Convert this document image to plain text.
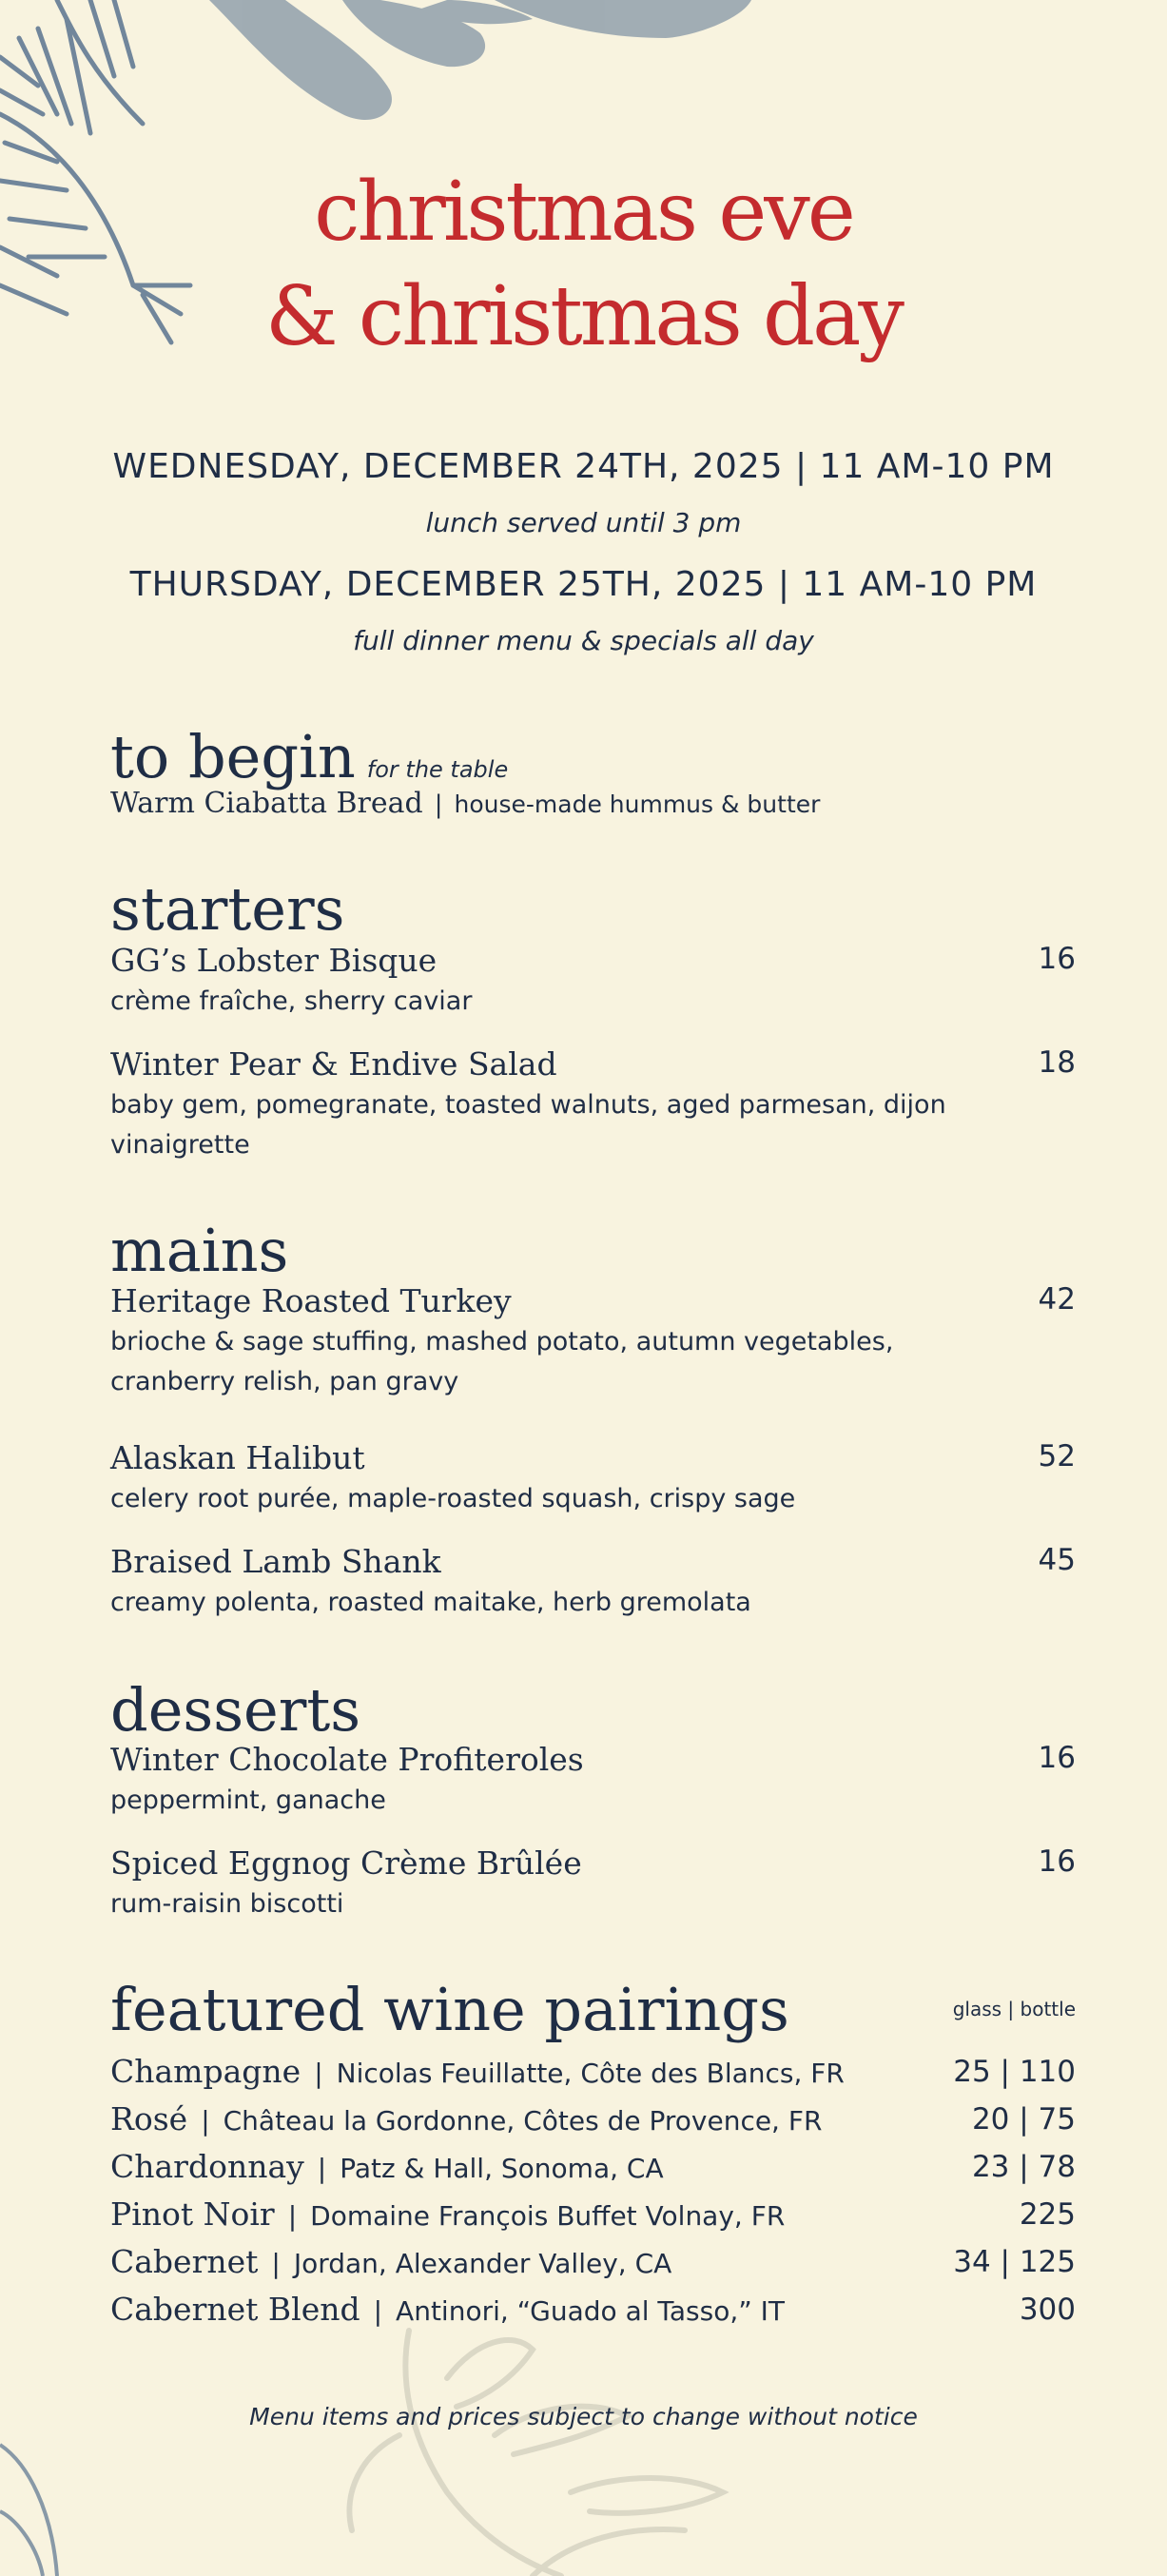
christmas eve
& christmas day
WEDNESDAY, DECEMBER 24TH, 2025 | 11 AM-10 PM
lunch served until 3 pm
THURSDAY, DECEMBER 25TH, 2025 | 11 AM-10 PM
full dinner menu & specials all day
to begin for the table
Warm Ciabatta Bread | house-made hummus & butter
starters
GG’s Lobster Bisque	16
crème fraîche, sherry caviar
Winter Pear & Endive Salad	18
baby gem, pomegranate, toasted walnuts, aged parmesan, dijon vinaigrette
mains
Heritage Roasted Turkey	42
brioche & sage stuffing, mashed potato, autumn vegetables, cranberry relish, pan gravy
Alaskan Halibut	52
celery root purée, maple-roasted squash, crispy sage
Braised Lamb Shank	45
creamy polenta, roasted maitake, herb gremolata
desserts
Winter Chocolate Profiteroles	16
peppermint, ganache
Spiced Eggnog Crème Brûlée	16
rum-raisin biscotti
featured wine pairings	glass | bottle
Champagne | Nicolas Feuillatte, Côte des Blancs, FR	25 | 110
Rosé | Château la Gordonne, Côtes de Provence, FR	20 | 75
Chardonnay | Patz & Hall, Sonoma, CA	23 | 78
Pinot Noir | Domaine François Buffet Volnay, FR	225
Cabernet | Jordan, Alexander Valley, CA	34 | 125
Cabernet Blend | Antinori, “Guado al Tasso,” IT	300
Menu items and prices subject to change without notice
